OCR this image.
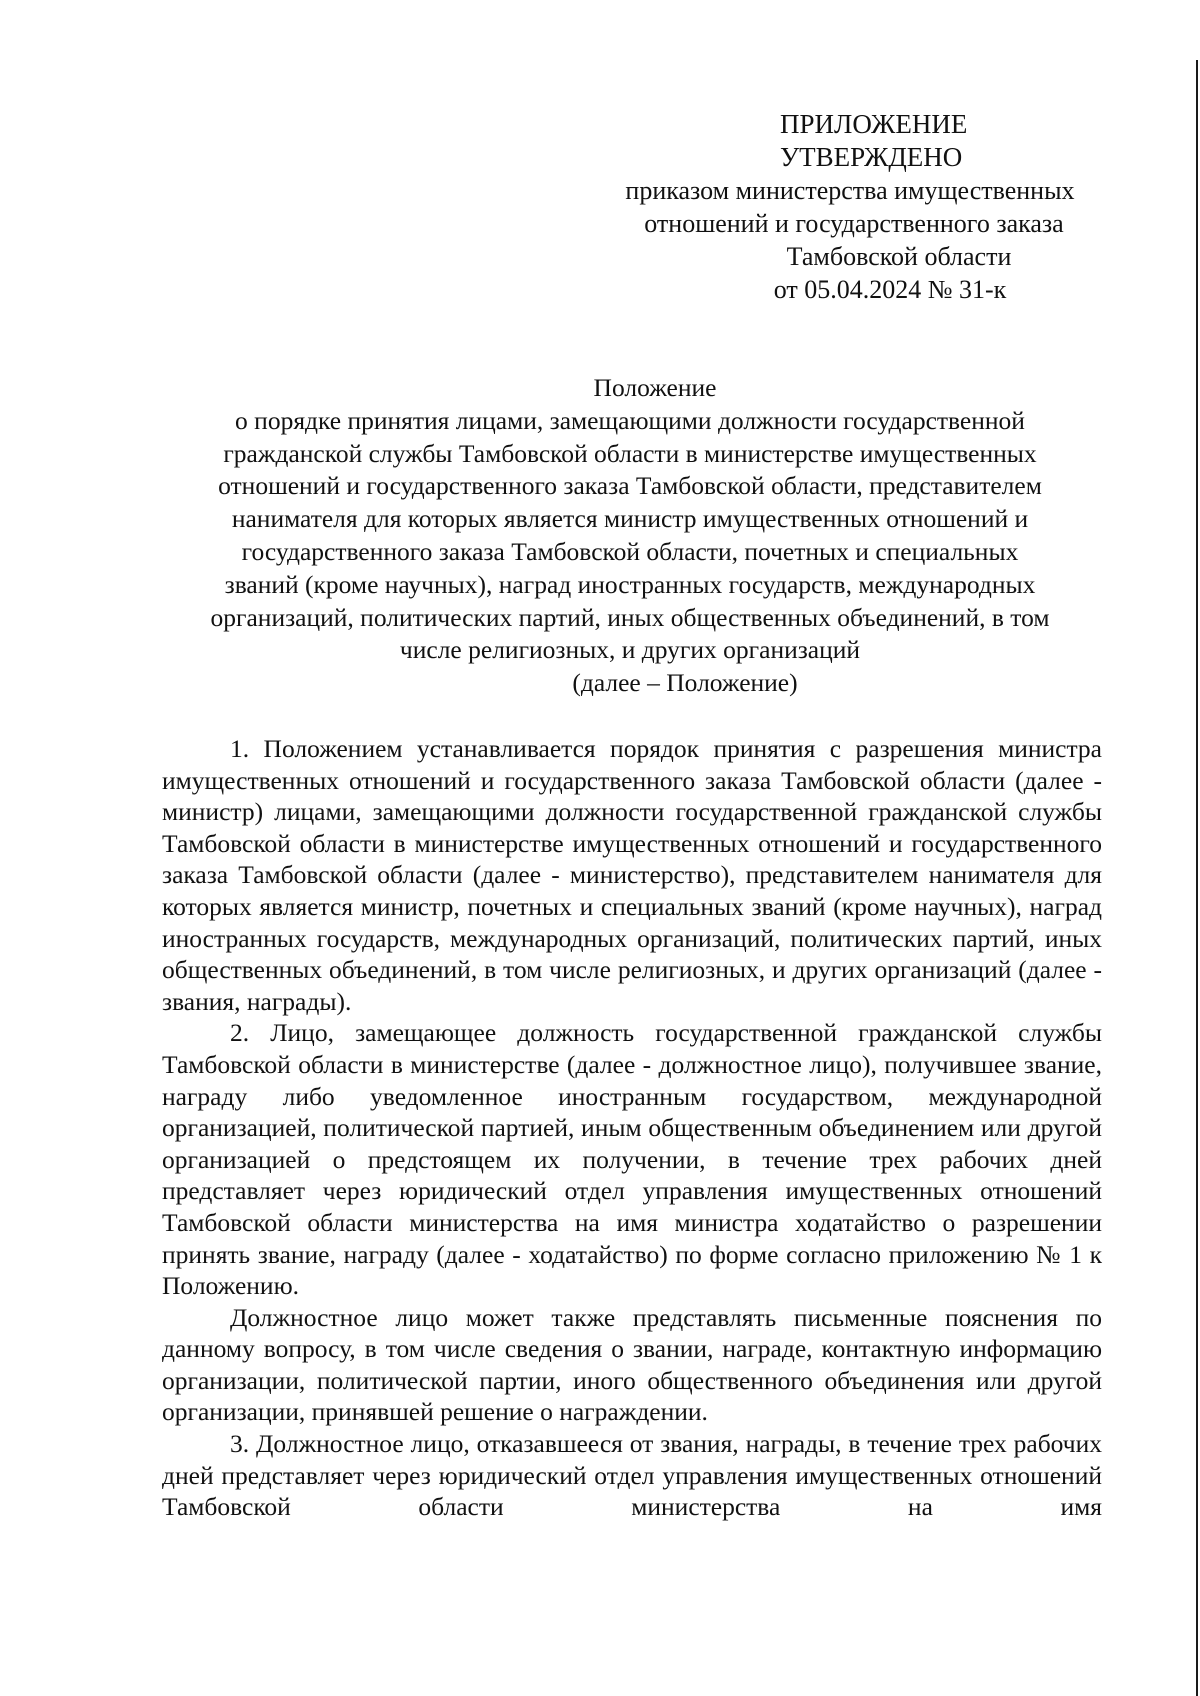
ПРИЛОЖЕНИЕ
УТВЕРЖДЕНО
приказом министерства имущественных
отношений и государственного заказа
Тамбовской области
от 05.04.2024 № 31-к
Положение
о порядке принятия лицами, замещающими должности государственной
гражданской службы Тамбовской области в министерстве имущественных
отношений и государственного заказа Тамбовской области, представителем
нанимателя для которых является министр имущественных отношений и
государственного заказа Тамбовской области, почетных и специальных
званий (кроме научных), наград иностранных государств, международных
организаций, политических партий, иных общественных объединений, в том
числе религиозных, и других организаций
(далее – Положение)

1. Положением устанавливается порядок принятия с разрешения министра имущественных отношений и государственного заказа Тамбовской области (далее - министр) лицами, замещающими должности государственной гражданской службы Тамбовской области в министерстве имущественных отношений и государственного заказа Тамбовской области (далее - министерство), представителем нанимателя для которых является министр, почетных и специальных званий (кроме научных), наград иностранных государств, международных организаций, политических партий, иных общественных объединений, в том числе религиозных, и других организаций (далее - звания, награды).

2. Лицо, замещающее должность государственной гражданской службы Тамбовской области в министерстве (далее - должностное лицо), получившее звание, награду либо уведомленное иностранным государством, международной организацией, политической партией, иным общественным объединением или другой организацией о предстоящем их получении, в течение трех рабочих дней представляет через юридический отдел управления имущественных отношений Тамбовской области министерства на имя министра ходатайство о разрешении принять звание, награду (далее - ходатайство) по форме согласно приложению № 1 к Положению.

Должностное лицо может также представлять письменные пояснения по данному вопросу, в том числе сведения о звании, награде, контактную информацию организации, политической партии, иного общественного объединения или другой организации, принявшей решение о награждении.

3. Должностное лицо, отказавшееся от звания, награды, в течение трех рабочих дней представляет через юридический отдел управления имущественных отношений Тамбовской области министерства на имя
